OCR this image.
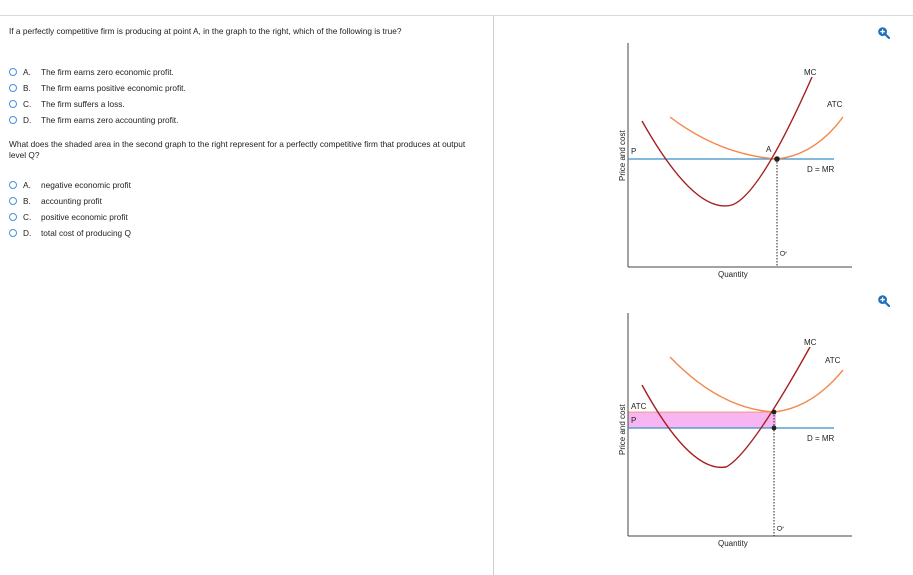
If a perfectly competitive firm is producing at point A, in the graph to the right, which of the following is true?
A.	The firm earns zero economic profit.
B.	The firm earns positive economic profit.
C.	The firm suffers a loss.
D.	The firm earns zero accounting profit.
What does the shaded area in the second graph to the right represent for a perfectly competitive firm that produces at output level Q?
A.	negative economic profit
B.	accounting profit
C.	positive economic profit
D.	total cost of producing Q
P	A
MC
ATC
D = MR
Quantity
Price and cost
Q
ATC
P
MC
ATC
D = MR
Quantity
Price and cost
Q
